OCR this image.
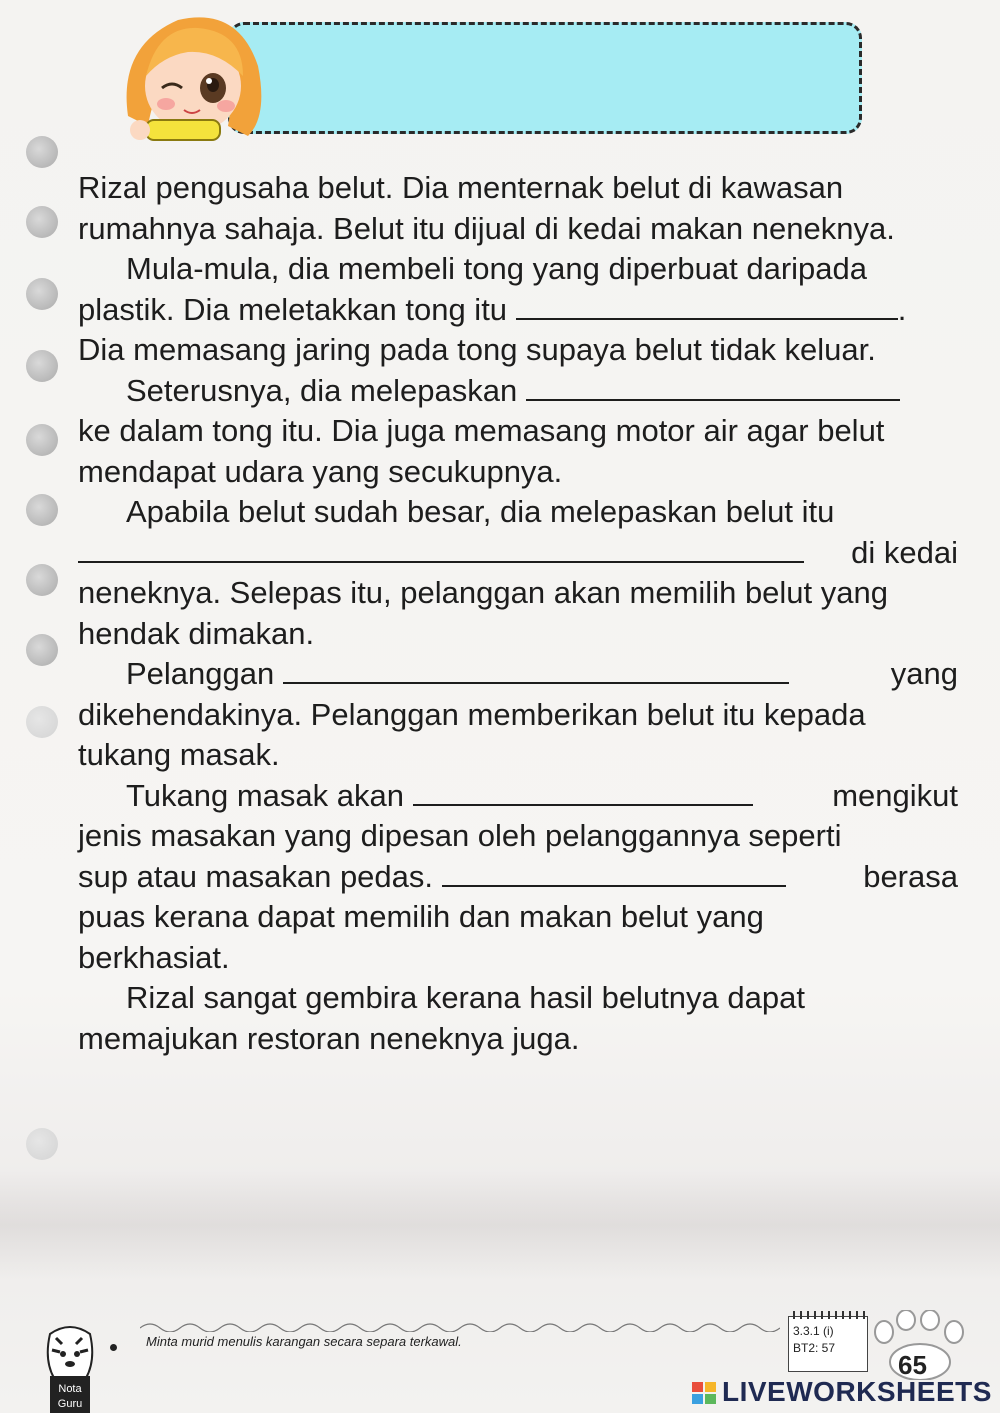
Rizal pengusaha belut. Dia menternak belut di kawasan

rumahnya sahaja. Belut itu dijual di kedai makan neneknya.

Mula-mula, dia membeli tong yang diperbuat daripada

plastik. Dia meletakkan tong itu	.

Dia memasang jaring pada tong supaya belut tidak keluar.

Seterusnya, dia melepaskan

ke dalam tong itu. Dia juga memasang motor air agar belut

mendapat udara yang secukupnya.

Apabila belut sudah besar, dia melepaskan belut itu

di kedai

neneknya. Selepas itu, pelanggan akan memilih belut yang

hendak dimakan.

Pelanggan	yang

dikehendakinya. Pelanggan memberikan belut itu kepada

tukang masak.

Tukang masak akan	mengikut

jenis masakan yang dipesan oleh pelanggannya seperti

sup atau masakan pedas.	berasa

puas kerana dapat memilih dan makan belut yang

berkhasiat.

Rizal sangat gembira kerana hasil belutnya dapat

memajukan restoran neneknya juga.

Nota
Guru
Minta murid menulis karangan secara separa terkawal.
3.3.1 (i)
BT2: 57
65
LIVEWORKSHEETS
